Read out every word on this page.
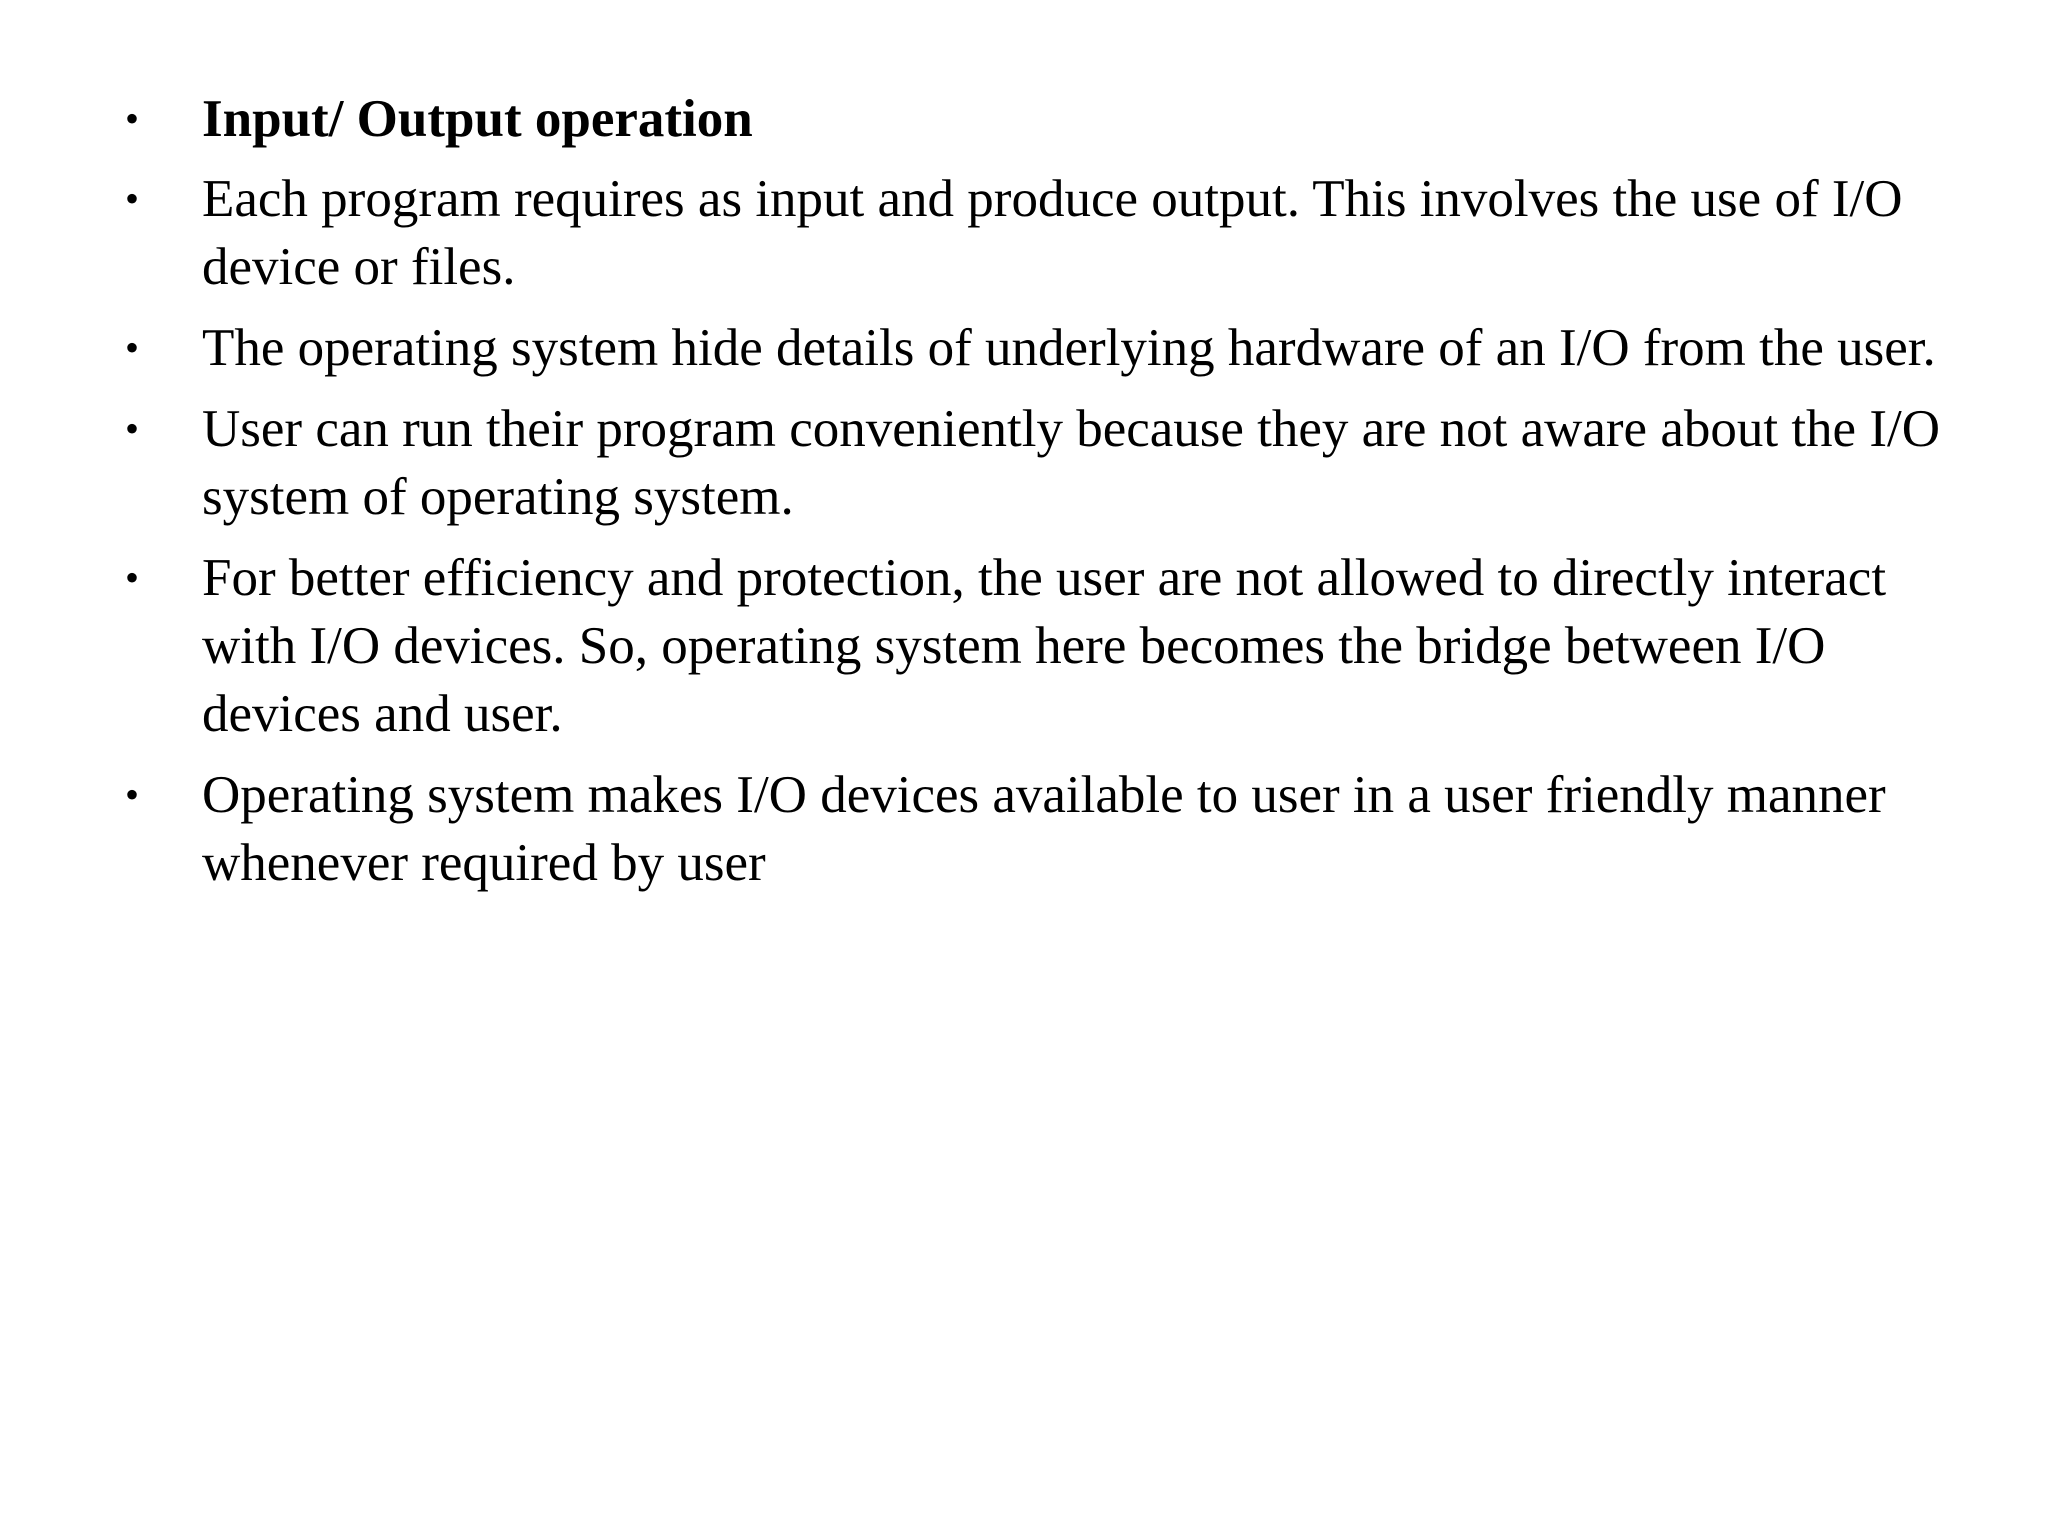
• Input/ Output operation
• Each program requires as input and produce output. This involves the use of I/O device or files.
• The operating system hide details of underlying hardware of an I/O from the user.
• User can run their program conveniently because they are not aware about the I/O system of operating system.
• For better efficiency and protection, the user are not allowed to directly interact with I/O devices. So, operating system here becomes the bridge between I/O devices and user.
• Operating system makes I/O devices available to user in a user friendly manner whenever required by user
